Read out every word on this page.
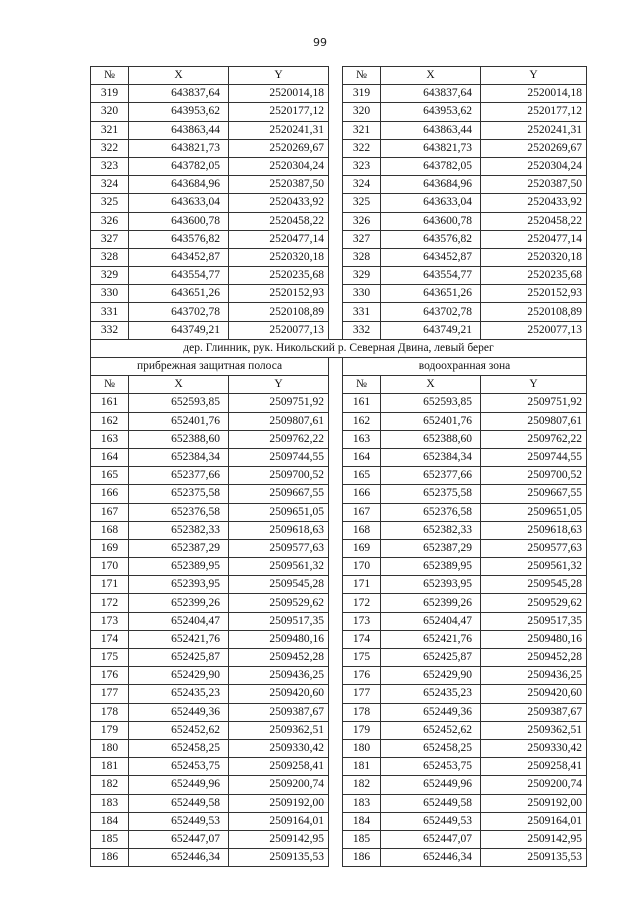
99
№	X	Y		№	X	Y
319	643837,64	2520014,18		319	643837,64	2520014,18
320	643953,62	2520177,12		320	643953,62	2520177,12
321	643863,44	2520241,31		321	643863,44	2520241,31
322	643821,73	2520269,67		322	643821,73	2520269,67
323	643782,05	2520304,24		323	643782,05	2520304,24
324	643684,96	2520387,50		324	643684,96	2520387,50
325	643633,04	2520433,92		325	643633,04	2520433,92
326	643600,78	2520458,22		326	643600,78	2520458,22
327	643576,82	2520477,14		327	643576,82	2520477,14
328	643452,87	2520320,18		328	643452,87	2520320,18
329	643554,77	2520235,68		329	643554,77	2520235,68
330	643651,26	2520152,93		330	643651,26	2520152,93
331	643702,78	2520108,89		331	643702,78	2520108,89
332	643749,21	2520077,13		332	643749,21	2520077,13
дер. Глинник, рук. Никольский р. Северная Двина, левый берег						
прибрежная защитная полоса				водоохранная зона		
№	X	Y		№	X	Y
161	652593,85	2509751,92		161	652593,85	2509751,92
162	652401,76	2509807,61		162	652401,76	2509807,61
163	652388,60	2509762,22		163	652388,60	2509762,22
164	652384,34	2509744,55		164	652384,34	2509744,55
165	652377,66	2509700,52		165	652377,66	2509700,52
166	652375,58	2509667,55		166	652375,58	2509667,55
167	652376,58	2509651,05		167	652376,58	2509651,05
168	652382,33	2509618,63		168	652382,33	2509618,63
169	652387,29	2509577,63		169	652387,29	2509577,63
170	652389,95	2509561,32		170	652389,95	2509561,32
171	652393,95	2509545,28		171	652393,95	2509545,28
172	652399,26	2509529,62		172	652399,26	2509529,62
173	652404,47	2509517,35		173	652404,47	2509517,35
174	652421,76	2509480,16		174	652421,76	2509480,16
175	652425,87	2509452,28		175	652425,87	2509452,28
176	652429,90	2509436,25		176	652429,90	2509436,25
177	652435,23	2509420,60		177	652435,23	2509420,60
178	652449,36	2509387,67		178	652449,36	2509387,67
179	652452,62	2509362,51		179	652452,62	2509362,51
180	652458,25	2509330,42		180	652458,25	2509330,42
181	652453,75	2509258,41		181	652453,75	2509258,41
182	652449,96	2509200,74		182	652449,96	2509200,74
183	652449,58	2509192,00		183	652449,58	2509192,00
184	652449,53	2509164,01		184	652449,53	2509164,01
185	652447,07	2509142,95		185	652447,07	2509142,95
186	652446,34	2509135,53		186	652446,34	2509135,53
